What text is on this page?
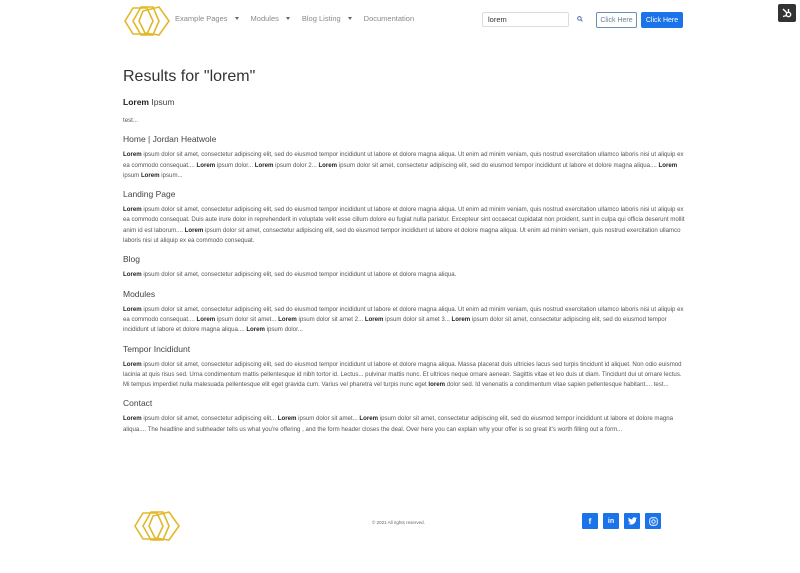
Example Pages	Modules	Blog Listing	Documentation
lorem	Click Here	Click Here
Results for "lorem"
Lorem Ipsum
test...
Home | Jordan Heatwole
Lorem ipsum dolor sit amet, consectetur adipiscing elit, sed do eiusmod tempor incididunt ut labore et dolore magna aliqua. Ut enim ad minim veniam, quis nostrud exercitation ullamco laboris nisi ut aliquip ex ea commodo consequat.... Lorem ipsum dolor... Lorem ipsum dolor 2... Lorem ipsum dolor sit amet, consectetur adipiscing elit, sed do eiusmod tempor incididunt ut labore et dolore magna aliqua.... Lorem ipsum Lorem ipsum...
Landing Page
Lorem ipsum dolor sit amet, consectetur adipiscing elit, sed do eiusmod tempor incididunt ut labore et dolore magna aliqua. Ut enim ad minim veniam, quis nostrud exercitation ullamco laboris nisi ut aliquip ex ea commodo consequat. Duis aute irure dolor in reprehenderit in voluptate velit esse cillum dolore eu fugiat nulla pariatur. Excepteur sint occaecat cupidatat non proident, sunt in culpa qui officia deserunt mollit anim id est laborum.... Lorem ipsum dolor sit amet, consectetur adipiscing elit, sed do eiusmod tempor incididunt ut labore et dolore magna aliqua. Ut enim ad minim veniam, quis nostrud exercitation ullamco laboris nisi ut aliquip ex ea commodo consequat.
Blog
Lorem ipsum dolor sit amet, consectetur adipiscing elit, sed do eiusmod tempor incididunt ut labore et dolore magna aliqua.
Modules
Lorem ipsum dolor sit amet, consectetur adipiscing elit, sed do eiusmod tempor incididunt ut labore et dolore magna aliqua. Ut enim ad minim veniam, quis nostrud exercitation ullamco laboris nisi ut aliquip ex ea commodo consequat.... Lorem ipsum dolor sit amet... Lorem ipsum dolor sit amet 2... Lorem ipsum dolor sit amet 3... Lorem ipsum dolor sit amet, consectetur adipiscing elit, sed do eiusmod tempor incididunt ut labore et dolore magna aliqua.... Lorem ipsum dolor...
Tempor Incididunt
Lorem ipsum dolor sit amet, consectetur adipiscing elit, sed do eiusmod tempor incididunt ut labore et dolore magna aliqua. Massa placerat duis ultricies lacus sed turpis tincidunt id aliquet. Non odio euismod lacinia at quis risus sed. Urna condimentum mattis pellentesque id nibh tortor id. Lectus... pulvinar mattis nunc. Et ultrices neque ornare aenean. Sagittis vitae et leo duis ut diam. Tincidunt dui ut ornare lectus. Mi tempus imperdiet nulla malesuada pellentesque elit eget gravida cum. Varius vel pharetra vel turpis nunc eget lorem dolor sed. Id venenatis a condimentum vitae sapien pellentesque habitant.... test...
Contact
Lorem ipsum dolor sit amet, consectetur adipiscing elit... Lorem ipsum dolor sit amet... Lorem ipsum dolor sit amet, consectetur adipiscing elit, sed do eiusmod tempor incididunt ut labore et dolore magna aliqua.... The headline and subheader tells us what you're offering , and the form header closes the deal. Over here you can explain why your offer is so great it's worth filling out a form...
© 2021 All rights reserved.	f in
